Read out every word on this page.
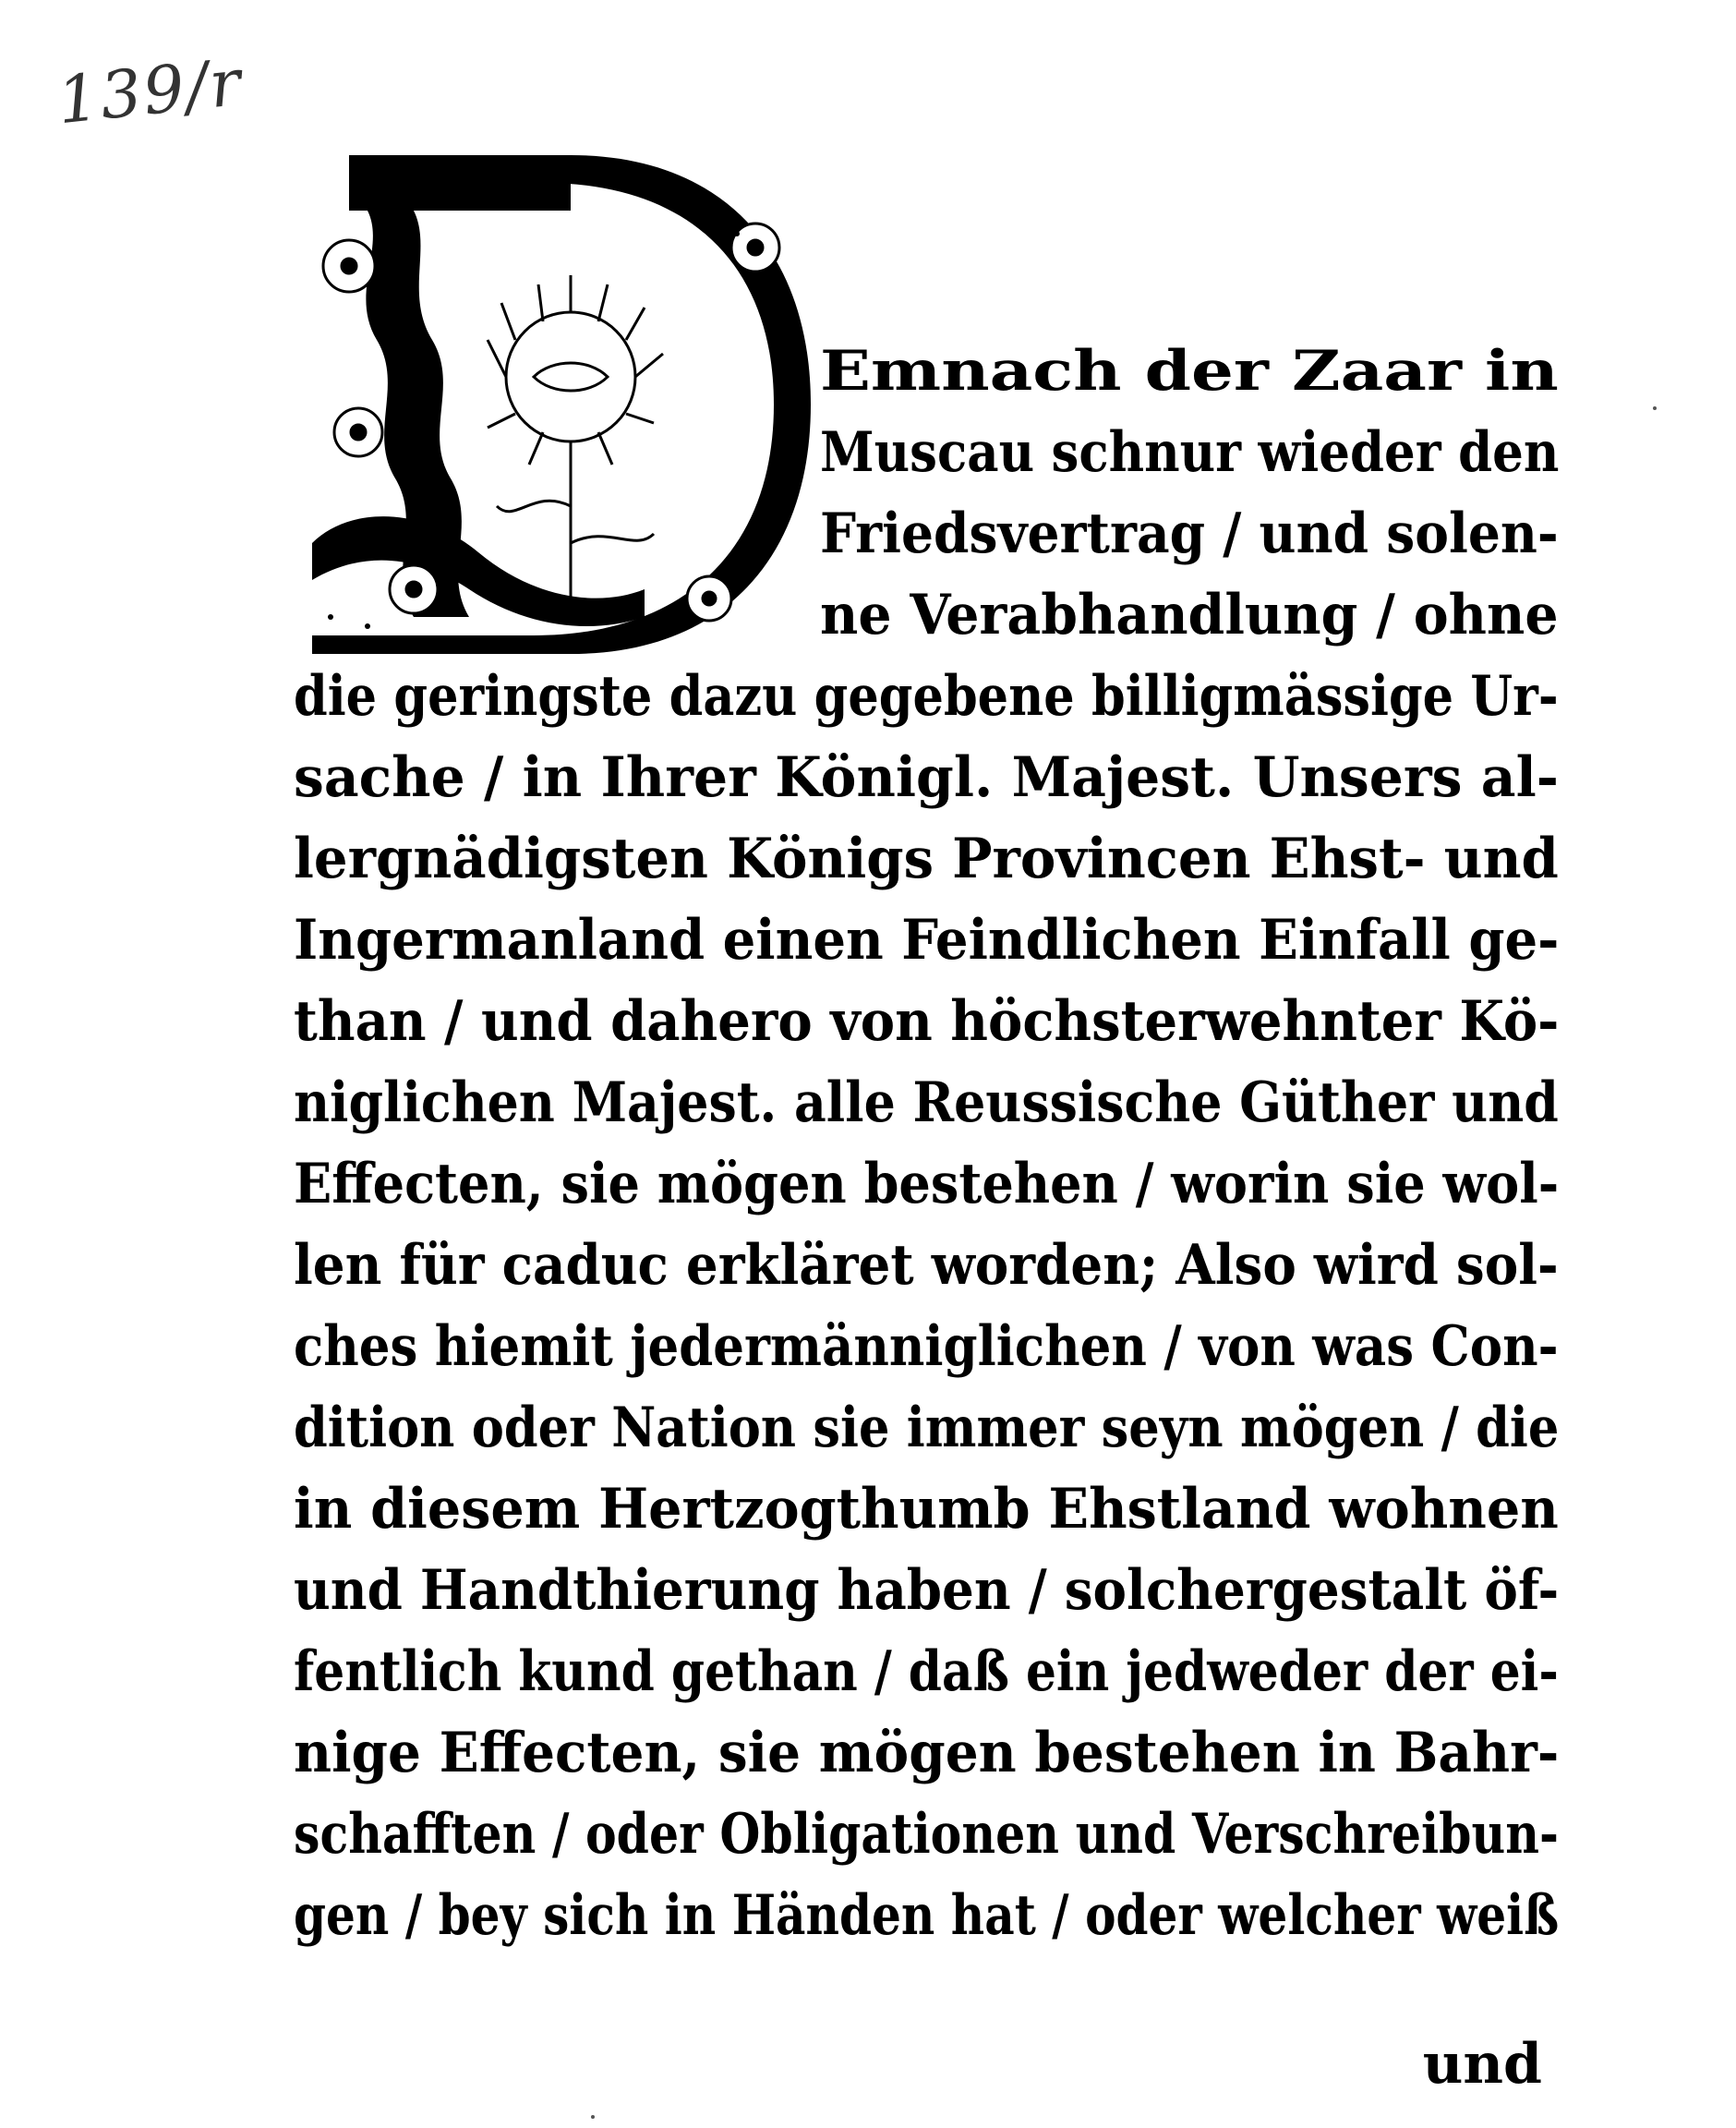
139/r
Emnach der Zaar in
Muscau schnur wieder den
Friedsvertrag / und solen-
ne Verabhandlung / ohne
die geringste dazu gegebene billigmässige Ur-
sache / in Ihrer Königl. Majest. Unsers al-
lergnädigsten Königs Provincen Ehst- und
Ingermanland einen Feindlichen Einfall ge-
than / und dahero von höchsterwehnter Kö-
niglichen Majest. alle Reussische Güther und
Effecten, sie mögen bestehen / worin sie wol-
len für caduc erkläret worden; Also wird sol-
ches hiemit jedermänniglichen / von was Con-
dition oder Nation sie immer seyn mögen / die
in diesem Hertzogthumb Ehstland wohnen
und Handthierung haben / solchergestalt öf-
fentlich kund gethan / daß ein jedweder der ei-
nige Effecten, sie mögen bestehen in Bahr-
schafften / oder Obligationen und Verschreibun-
gen / bey sich in Händen hat / oder welcher weiß
und
